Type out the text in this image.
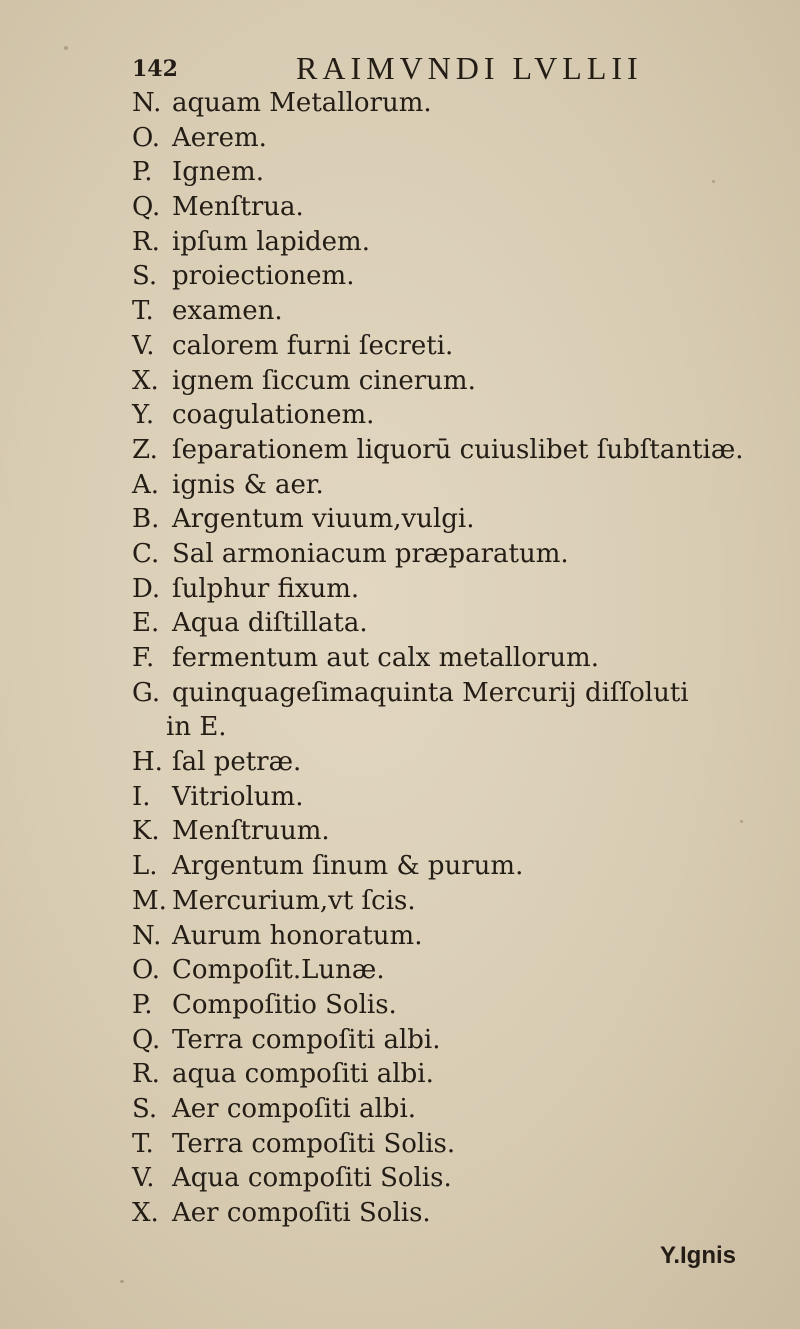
142	RAIMVNDI LVLLII
N. aquam Metallorum.
O. Aerem.
P. Ignem.
Q. Menſtrua.
R. ipſum lapidem.
S. proiectionem.
T. examen.
V. calorem furni ſecreti.
X. ignem ſiccum cinerum.
Y. coagulationem.
Z. ſeparationem liquorū cuiuslibet ſubſtantiæ.
A. ignis & aer.
B. Argentum viuum,vulgi.
C. Sal armoniacum præparatum.
D. ſulphur fixum.
E. Aqua diſtillata.
F. fermentum aut calx metallorum.
G. quinquageſimaquinta Mercurij diſſoluti
in E.
H. ſal petræ.
I. Vitriolum.
K. Menſtruum.
L. Argentum ſinum & purum.
M. Mercurium,vt ſcis.
N. Aurum honoratum.
O. Compoſit.Lunæ.
P. Compoſitio Solis.
Q. Terra compoſiti albi.
R. aqua compoſiti albi.
S. Aer compoſiti albi.
T. Terra compoſiti Solis.
V. Aqua compoſiti Solis.
X. Aer compoſiti Solis.
Y.Ignis
